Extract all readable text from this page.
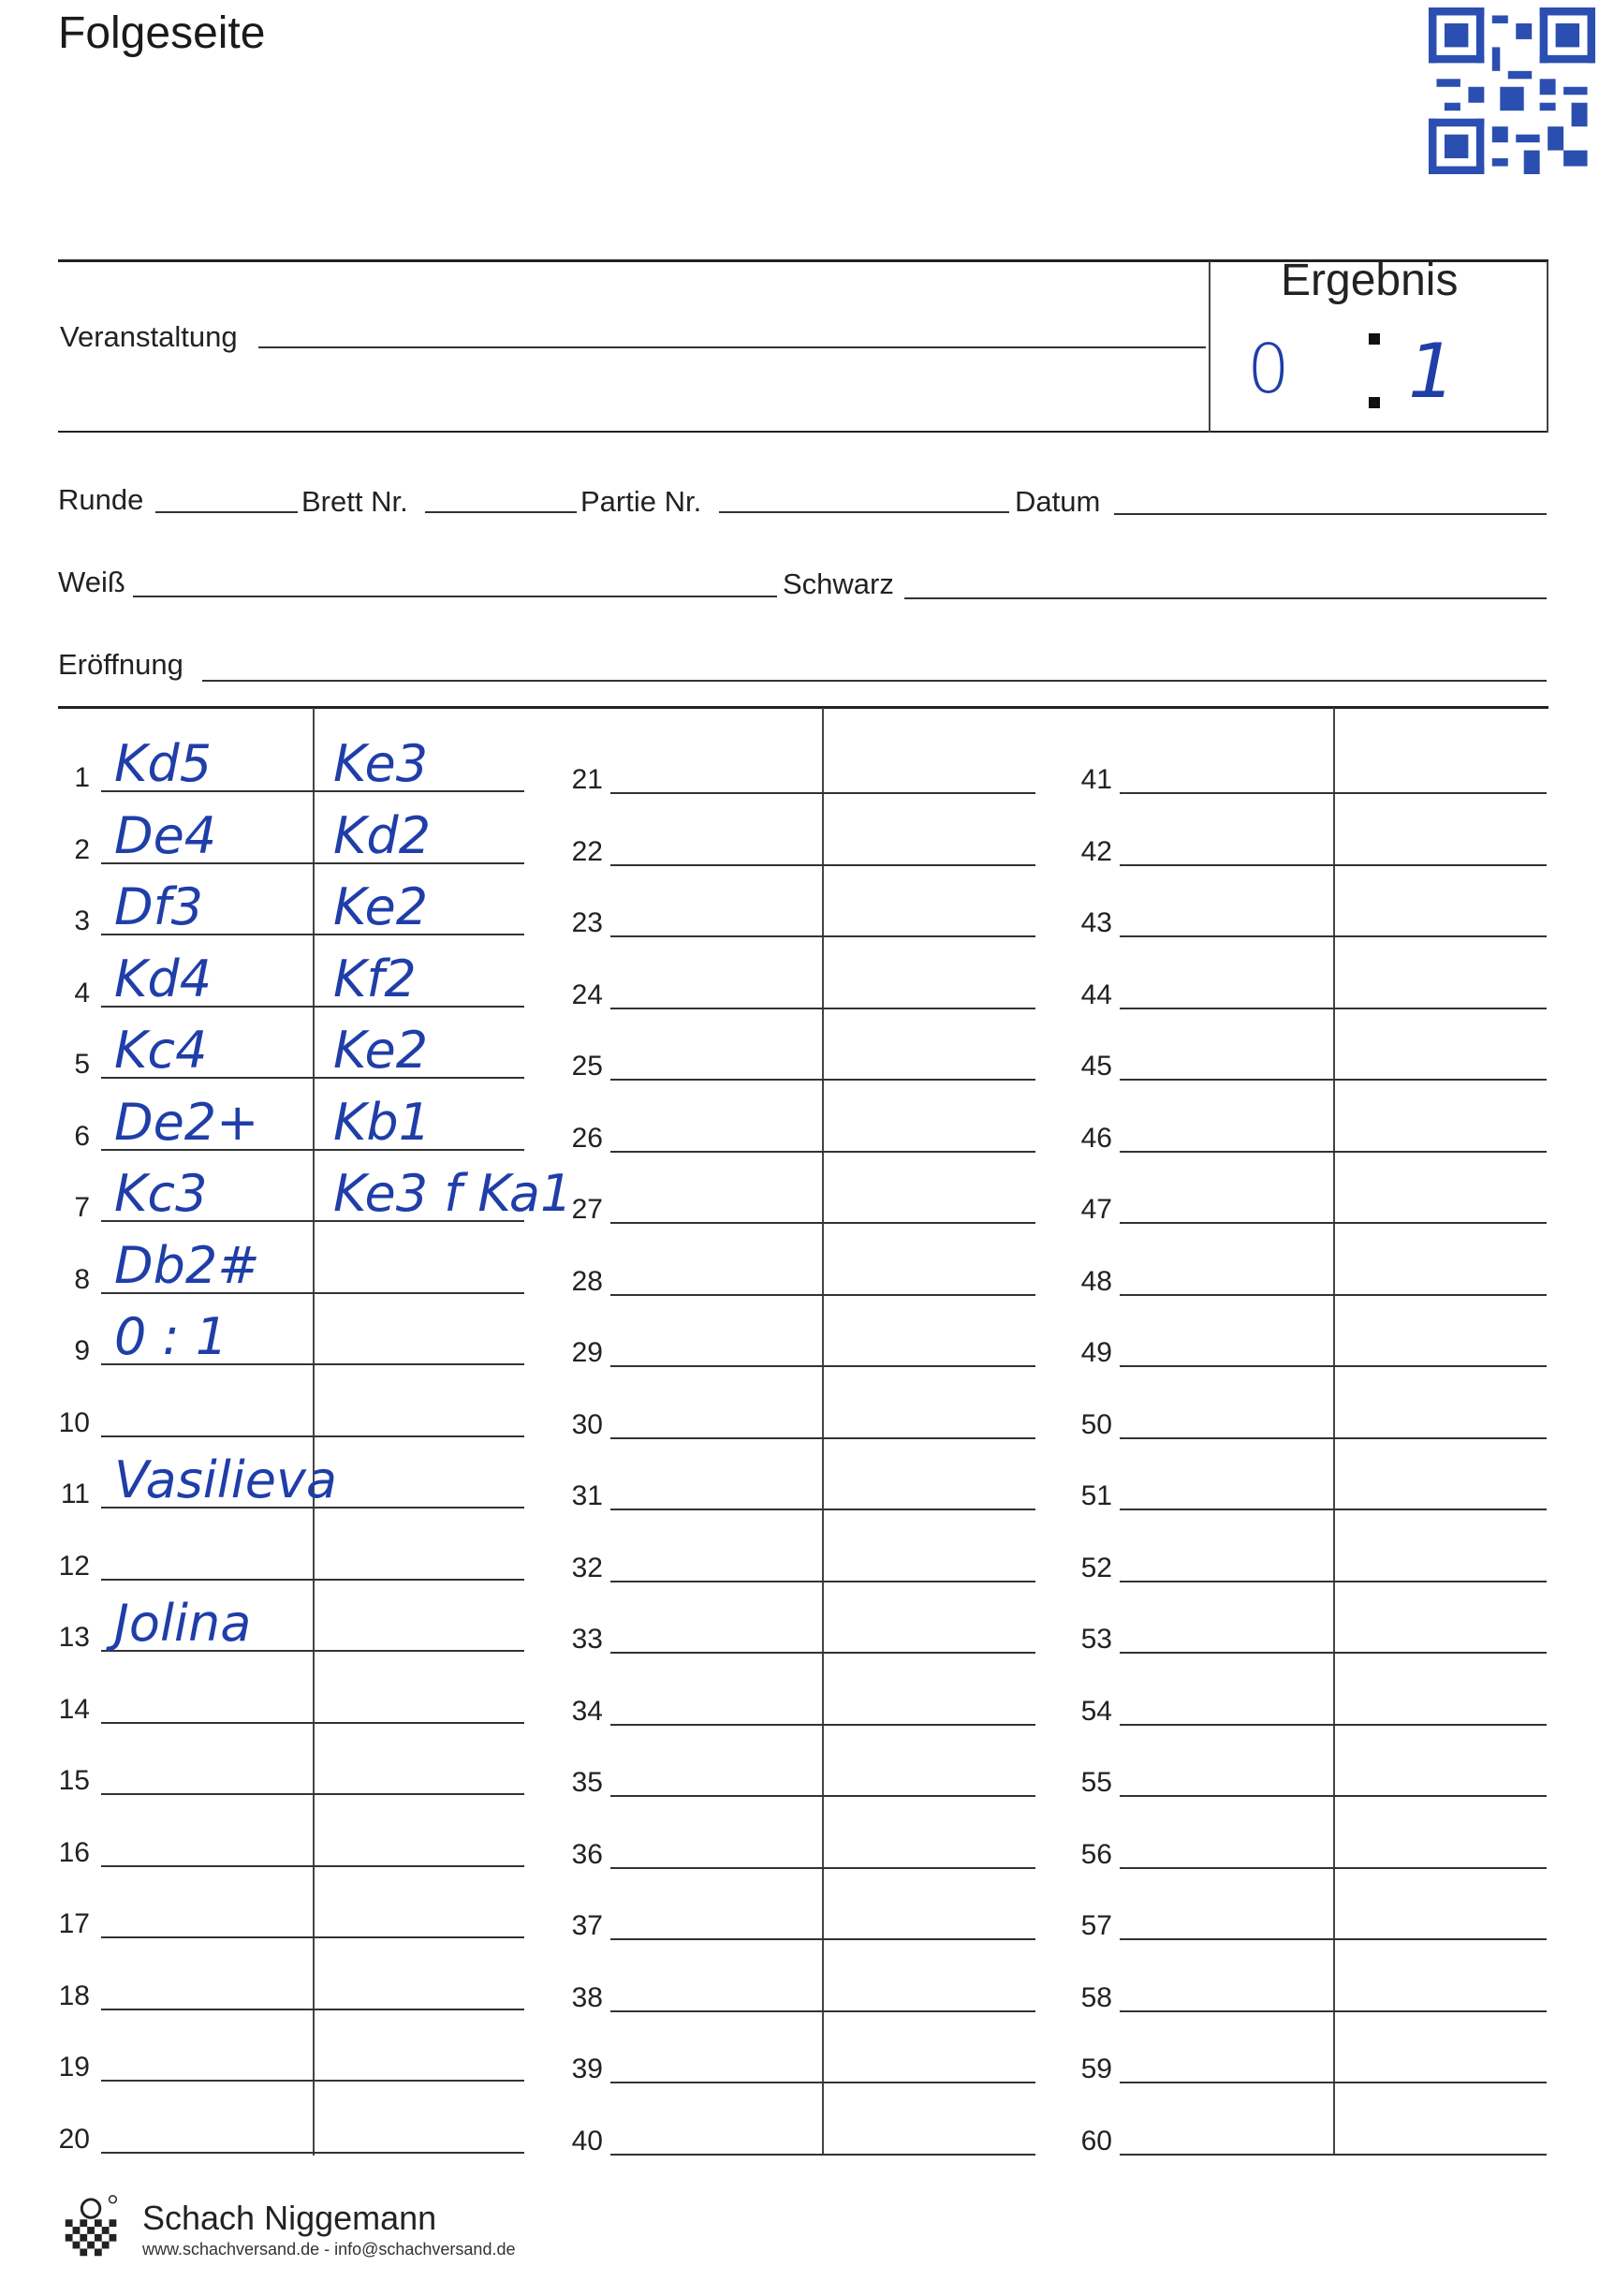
Folgeseite
Veranstaltung
Ergebnis
0 1
Runde	Brett Nr.	Partie Nr.	Datum
Weiß	Schwarz
Eröffnung
1 Kd5 Ke3
2 De4 Kd2
3 Df3	Ke2
4 Kd4 Kf2
5 Kc4 Ke2
6 De2+ Kb1
7 Kc3 Ke3 f Ka1
8 Db2#
9 0 : 1
10
11 Vasilieva
12
13 Jolina
14
15
16
17
18
19
20
21
22
23
24
25
26
27
28
29
30
31
32
33
34
35
36
37
38
39
40
41
42
43
44
45
46
47
48
49
50
51
52
53
54
55
56
57
58
59
60
Schach Niggemann
www.schachversand.de - info@schachversand.de
